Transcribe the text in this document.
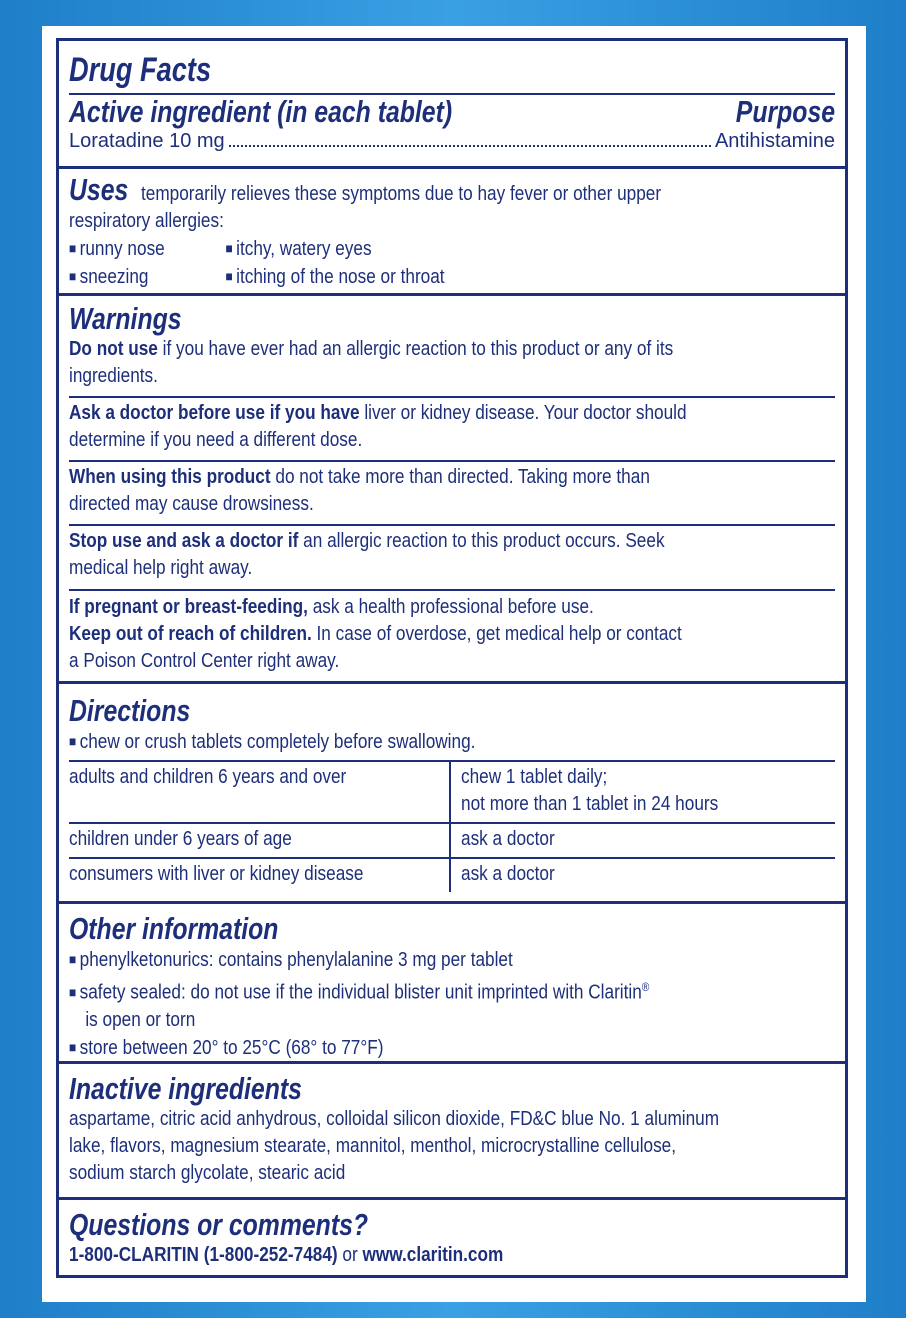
Drug Facts
Active ingredient (in each tablet)	Purpose
Loratadine 10 mg	Antihistamine
Uses temporarily relieves these symptoms due to hay fever or other upper
respiratory allergies:
■ runny nose	■ itchy, watery eyes
■ sneezing	■ itching of the nose or throat
Warnings
Do not use if you have ever had an allergic reaction to this product or any of its
ingredients.
Ask a doctor before use if you have liver or kidney disease. Your doctor should
determine if you need a different dose.
When using this product do not take more than directed. Taking more than
directed may cause drowsiness.
Stop use and ask a doctor if an allergic reaction to this product occurs. Seek
medical help right away.
If pregnant or breast-feeding, ask a health professional before use.
Keep out of reach of children. In case of overdose, get medical help or contact
a Poison Control Center right away.
Directions
■ chew or crush tablets completely before swallowing.
adults and children 6 years and over	chew 1 tablet daily;
not more than 1 tablet in 24 hours
children under 6 years of age	ask a doctor
consumers with liver or kidney disease	ask a doctor
Other information
■ phenylketonurics: contains phenylalanine 3 mg per tablet
■ safety sealed: do not use if the individual blister unit imprinted with Claritin®
is open or torn
■ store between 20° to 25°C (68° to 77°F)
Inactive ingredients
aspartame, citric acid anhydrous, colloidal silicon dioxide, FD&C blue No. 1 aluminum
lake, flavors, magnesium stearate, mannitol, menthol, microcrystalline cellulose,
sodium starch glycolate, stearic acid
Questions or comments?
1-800-CLARITIN (1-800-252-7484) or www.claritin.com
